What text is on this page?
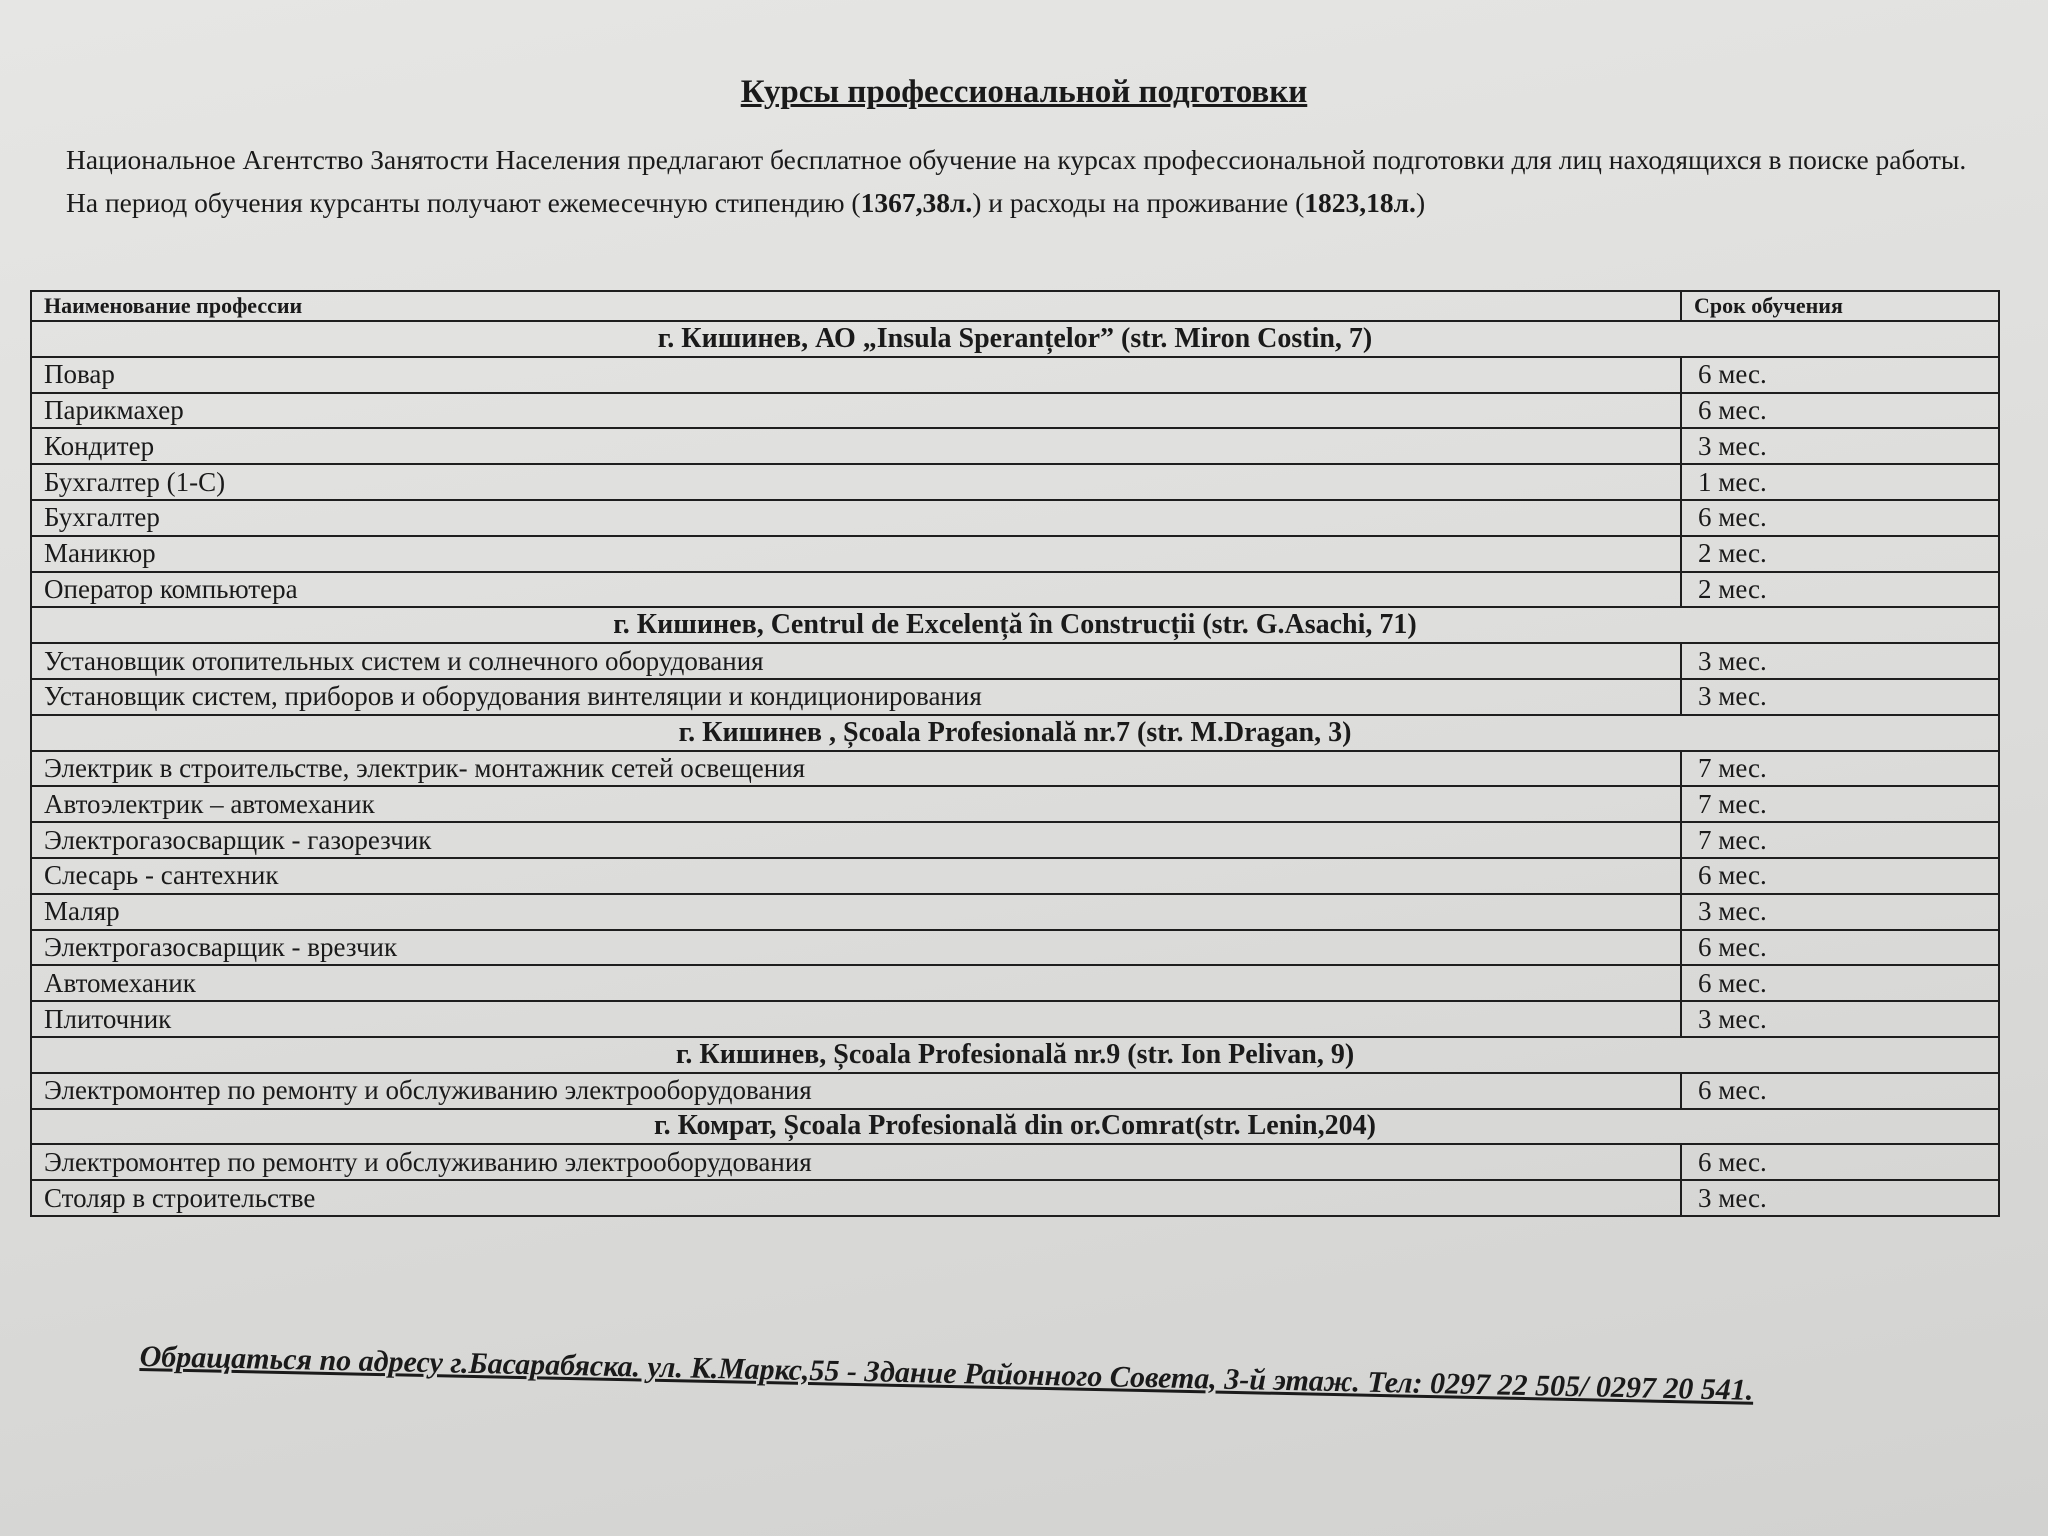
Курсы профессиональной подготовки
Национальное Агентство Занятости Населения предлагают бесплатное обучение на курсах профессиональной подготовки для лиц находящихся в поиске работы. На период обучения курсанты получают ежемесечную стипендию (1367,38л.) и расходы на проживание (1823,18л.)
Наименование профессии	Срок обучения
г. Кишинев, АО „Insula Speranțelor” (str. Miron Costin, 7)	
Повар	6 мес.
Парикмахер	6 мес.
Кондитер	3 мес.
Бухгалтер (1-С)	1 мес.
Бухгалтер	6 мес.
Маникюр	2 мес.
Оператор компьютера	2 мес.
г. Кишинев, Centrul de Excelență în Construcții (str. G.Asachi, 71)	
Установщик отопительных систем и солнечного оборудования	3 мес.
Установщик систем, приборов и оборудования винтеляции и кондиционирования	3 мес.
г. Кишинев , Școala Profesională nr.7 (str. M.Dragan, 3)	
Электрик в строительстве, электрик- монтажник сетей освещения	7 мес.
Автоэлектрик – автомеханик	7 мес.
Электрогазосварщик - газорезчик	7 мес.
Слесарь - сантехник	6 мес.
Маляр	3 мес.
Электрогазосварщик - врезчик	6 мес.
Автомеханик	6 мес.
Плиточник	3 мес.
г. Кишинев, Școala Profesională nr.9 (str. Ion Pelivan, 9)	
Электромонтер по ремонту и обслуживанию электрооборудования	6 мес.
г. Комрат, Școala Profesională din or.Comrat(str. Lenin,204)	
Электромонтер по ремонту и обслуживанию электрооборудования	6 мес.
Столяр в строительстве	3 мес.
Обращаться по адресу г.Басарабяска. ул. К.Маркс,55 - Здание Районного Совета, 3-й этаж. Тел: 0297 22 505/ 0297 20 541.
